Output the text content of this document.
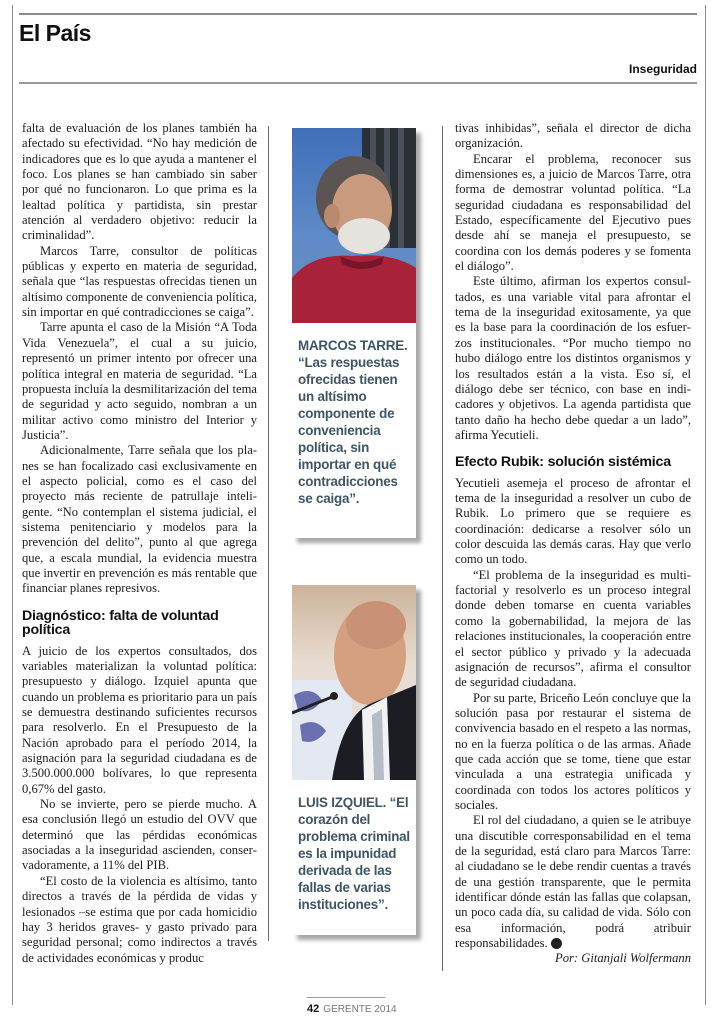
El País
Inseguridad

falta de evaluación de los planes también ha afectado su efectividad. “No hay medición de indicadores que es lo que ayuda a mantener el foco. Los planes se han cambiado sin saber por qué no funcionaron. Lo que prima es la lealtad política y partidista, sin prestar atención al verdadero objetivo: reducir la criminalidad”.

Marcos Tarre, consultor de políticas públicas y experto en materia de seguridad, señala que “las respuestas ofrecidas tienen un altísimo componente de conveniencia política, sin importar en qué contradicciones se caiga”.

Tarre apunta el caso de la Misión “A Toda Vida Venezuela”, el cual a su juicio, representó un primer intento por ofrecer una política integral en materia de seguridad. “La propuesta incluía la desmilitarización del tema de seguridad y acto seguido, nombran a un militar activo como ministro del Interior y Justicia”.

Adicionalmente, Tarre señala que los planes se han focalizado casi exclusivamente en el aspecto policial, como es el caso del proyecto más reciente de patrullaje inteligente. “No contemplan el sistema judicial, el sistema penitenciario y modelos para la prevención del delito”, punto al que agrega que, a escala mundial, la evidencia muestra que invertir en prevención es más rentable que financiar planes represivos.

Diagnóstico: falta de voluntad política

A juicio de los expertos consultados, dos variables materializan la voluntad política: presupuesto y diálogo. Izquiel apunta que cuando un problema es prioritario para un país se demuestra destinando suficientes recursos para resolverlo. En el Presupuesto de la Nación aprobado para el período 2014, la asignación para la seguridad ciudadana es de 3.500.000.000 bolívares, lo que representa 0,67% del gasto.

No se invierte, pero se pierde mucho. A esa conclusión llegó un estudio del OVV que determinó que las pérdidas económicas asociadas a la inseguridad ascienden, conservadoramente, a 11% del PIB.

“El costo de la violencia es altísimo, tanto directos a través de la pérdida de vidas y lesionados –se estima que por cada homicidio hay 3 heridos graves- y gasto privado para seguridad personal; como indirectos a través de actividades económicas y produc

MARCOS TARRE. “Las respuestas ofrecidas tienen un altísimo componente de conveniencia política, sin importar en qué contradicciones se caiga”.
LUIS IZQUIEL. “El corazón del problema criminal es la impunidad derivada de las fallas de varias instituciones”.

tivas inhibidas”, señala el director de dicha organización.

Encarar el problema, reconocer sus dimensiones es, a juicio de Marcos Tarre, otra forma de demostrar voluntad política. “La seguridad ciudadana es responsabilidad del Estado, específicamente del Ejecutivo pues desde ahí se maneja el presupuesto, se coordina con los demás poderes y se fomenta el diálogo”.

Este último, afirman los expertos consultados, es una variable vital para afrontar el tema de la inseguridad exitosamente, ya que es la base para la coordinación de los esfuerzos institucionales. “Por mucho tiempo no hubo diálogo entre los distintos organismos y los resultados están a la vista. Eso sí, el diálogo debe ser técnico, con base en indicadores y objetivos. La agenda partidista que tanto daño ha hecho debe quedar a un lado”, afirma Yecutieli.

Efecto Rubik: solución sistémica

Yecutieli asemeja el proceso de afrontar el tema de la inseguridad a resolver un cubo de Rubik. Lo primero que se requiere es coordinación: dedicarse a resolver sólo un color descuida las demás caras. Hay que verlo como un todo.

“El problema de la inseguridad es multifactorial y resolverlo es un proceso integral donde deben tomarse en cuenta variables como la gobernabilidad, la mejora de las relaciones institucionales, la cooperación entre el sector público y privado y la adecuada asignación de recursos”, afirma el consultor de seguridad ciudadana.

Por su parte, Briceño León concluye que la solución pasa por restaurar el sistema de convivencia basado en el respeto a las normas, no en la fuerza política o de las armas. Añade que cada acción que se tome, tiene que estar vinculada a una estrategia unificada y coordinada con todos los actores políticos y sociales.

El rol del ciudadano, a quien se le atribuye una discutible corresponsabilidad en el tema de la seguridad, está claro para Marcos Tarre: al ciudadano se le debe rendir cuentas a través de una gestión transparente, que le permita identificar dónde están las fallas que colapsan, un poco cada día, su calidad de vida. Sólo con esa información, podrá atribuir responsabilidades. G

Por: Gitanjali Wolfermann

42 GERENTE 2014
